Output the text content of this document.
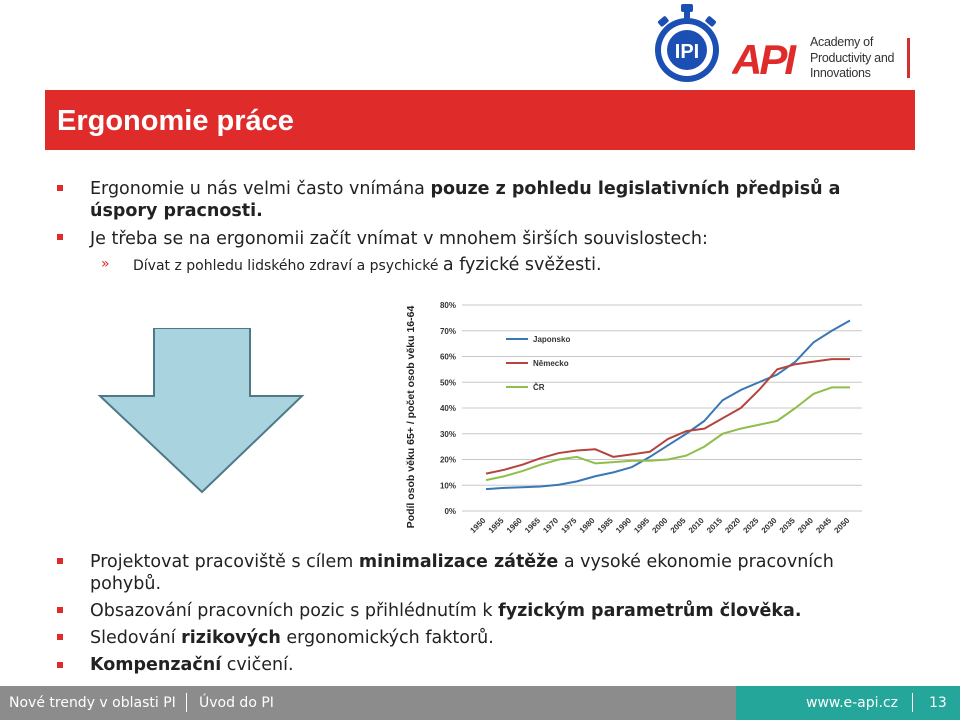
IPI API	Academy of
Productivity and
Innovations
Ergonomie práce
Ergonomie u nás velmi často vnímána pouze z pohledu legislativních předpisů a
úspory pracnosti.
Je třeba se na ergonomii začít vnímat v mnohem širších souvislostech:
» Dívat z pohledu lidského zdraví a psychické a fyzické svěžesti.
0%
10%
20%
30%
40%
50%
60%
70%
80%
1950 1955 1960 1965 1970 1975 1980 1985 1990 1995 2000 2005 2010 2015 2020 2025 2030 2035 2040 2045 2050
Japonsko
Německo
ČR
Podíl osob věku 65+ / počet osob věku 16-64
Projektovat pracoviště s cílem minimalizace zátěže a vysoké ekonomie pracovních
pohybů.
Obsazování pracovních pozic s přihlédnutím k fyzickým parametrům člověka.
Sledování rizikových ergonomických faktorů.
Kompenzační cvičení.
Nové trendy v oblasti PI Úvod do PI	www.e-api.cz 13
